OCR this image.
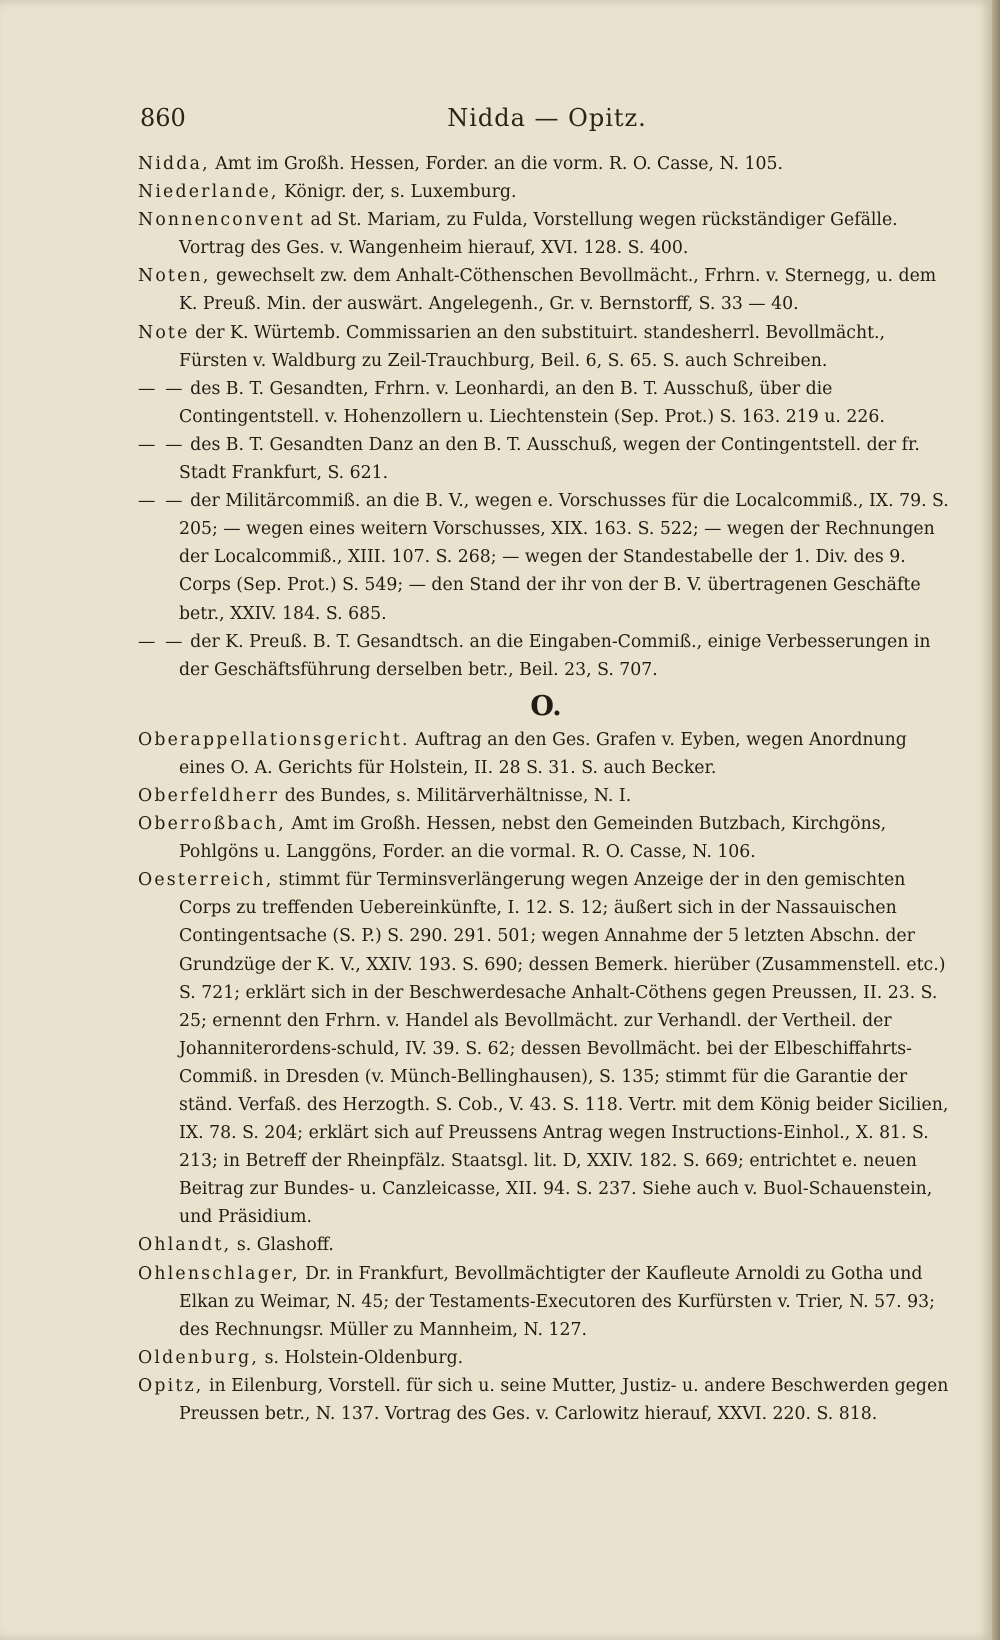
860	Nidda — Opitz.

Nidda, Amt im Großh. Hessen, Forder. an die vorm. R. O. Casse, N. 105.

Niederlande, Königr. der, s. Luxemburg.

Nonnenconvent ad St. Mariam, zu Fulda, Vorstellung wegen rückständiger Gefälle. Vortrag des Ges. v. Wangenheim hierauf, XVI. 128. S. 400.

Noten, gewechselt zw. dem Anhalt-Cöthenschen Bevollmächt., Frhrn. v. Sternegg, u. dem K. Preuß. Min. der auswärt. Angelegenh., Gr. v. Bernstorff, S. 33 — 40.

Note der K. Würtemb. Commissarien an den substituirt. standesherrl. Bevollmächt., Fürsten v. Waldburg zu Zeil-Trauchburg, Beil. 6, S. 65. S. auch Schreiben.

— — des B. T. Gesandten, Frhrn. v. Leonhardi, an den B. T. Ausschuß, über die Contingentstell. v. Hohenzollern u. Liechtenstein (Sep. Prot.) S. 163. 219 u. 226.

— — des B. T. Gesandten Danz an den B. T. Ausschuß, wegen der Contingentstell. der fr. Stadt Frankfurt, S. 621.

— — der Militärcommiß. an die B. V., wegen e. Vorschusses für die Localcommiß., IX. 79. S. 205; — wegen eines weitern Vorschusses, XIX. 163. S. 522; — wegen der Rechnungen der Localcommiß., XIII. 107. S. 268; — wegen der Standestabelle der 1. Div. des 9. Corps (Sep. Prot.) S. 549; — den Stand der ihr von der B. V. übertragenen Geschäfte betr., XXIV. 184. S. 685.

— — der K. Preuß. B. T. Gesandtsch. an die Eingaben-Commiß., einige Verbesserungen in der Geschäftsführung derselben betr., Beil. 23, S. 707.

O.

Oberappellationsgericht. Auftrag an den Ges. Grafen v. Eyben, wegen Anordnung eines O. A. Gerichts für Holstein, II. 28 S. 31. S. auch Becker.

Oberfeldherr des Bundes, s. Militärverhältnisse, N. I.

Oberroßbach, Amt im Großh. Hessen, nebst den Gemeinden Butzbach, Kirchgöns, Pohlgöns u. Langgöns, Forder. an die vormal. R. O. Casse, N. 106.

Oesterreich, stimmt für Terminsverlängerung wegen Anzeige der in den gemischten Corps zu treffenden Uebereinkünfte, I. 12. S. 12; äußert sich in der Nassauischen Contingentsache (S. P.) S. 290. 291. 501; wegen Annahme der 5 letzten Abschn. der Grundzüge der K. V., XXIV. 193. S. 690; dessen Bemerk. hierüber (Zusammenstell. etc.) S. 721; erklärt sich in der Beschwerdesache Anhalt-Cöthens gegen Preussen, II. 23. S. 25; ernennt den Frhrn. v. Handel als Bevollmächt. zur Verhandl. der Vertheil. der Johanniterordens-schuld, IV. 39. S. 62; dessen Bevollmächt. bei der Elbeschiffahrts-Commiß. in Dresden (v. Münch-Bellinghausen), S. 135; stimmt für die Garantie der ständ. Verfaß. des Herzogth. S. Cob., V. 43. S. 118. Vertr. mit dem König beider Sicilien, IX. 78. S. 204; erklärt sich auf Preussens Antrag wegen Instructions-Einhol., X. 81. S. 213; in Betreff der Rheinpfälz. Staatsgl. lit. D, XXIV. 182. S. 669; entrichtet e. neuen Beitrag zur Bundes- u. Canzleicasse, XII. 94. S. 237. Siehe auch v. Buol-Schauenstein, und Präsidium.

Ohlandt, s. Glashoff.

Ohlenschlager, Dr. in Frankfurt, Bevollmächtigter der Kaufleute Arnoldi zu Gotha und Elkan zu Weimar, N. 45; der Testaments-Executoren des Kurfürsten v. Trier, N. 57. 93; des Rechnungsr. Müller zu Mannheim, N. 127.

Oldenburg, s. Holstein-Oldenburg.

Opitz, in Eilenburg, Vorstell. für sich u. seine Mutter, Justiz- u. andere Beschwerden gegen Preussen betr., N. 137. Vortrag des Ges. v. Carlowitz hierauf, XXVI. 220. S. 818.
